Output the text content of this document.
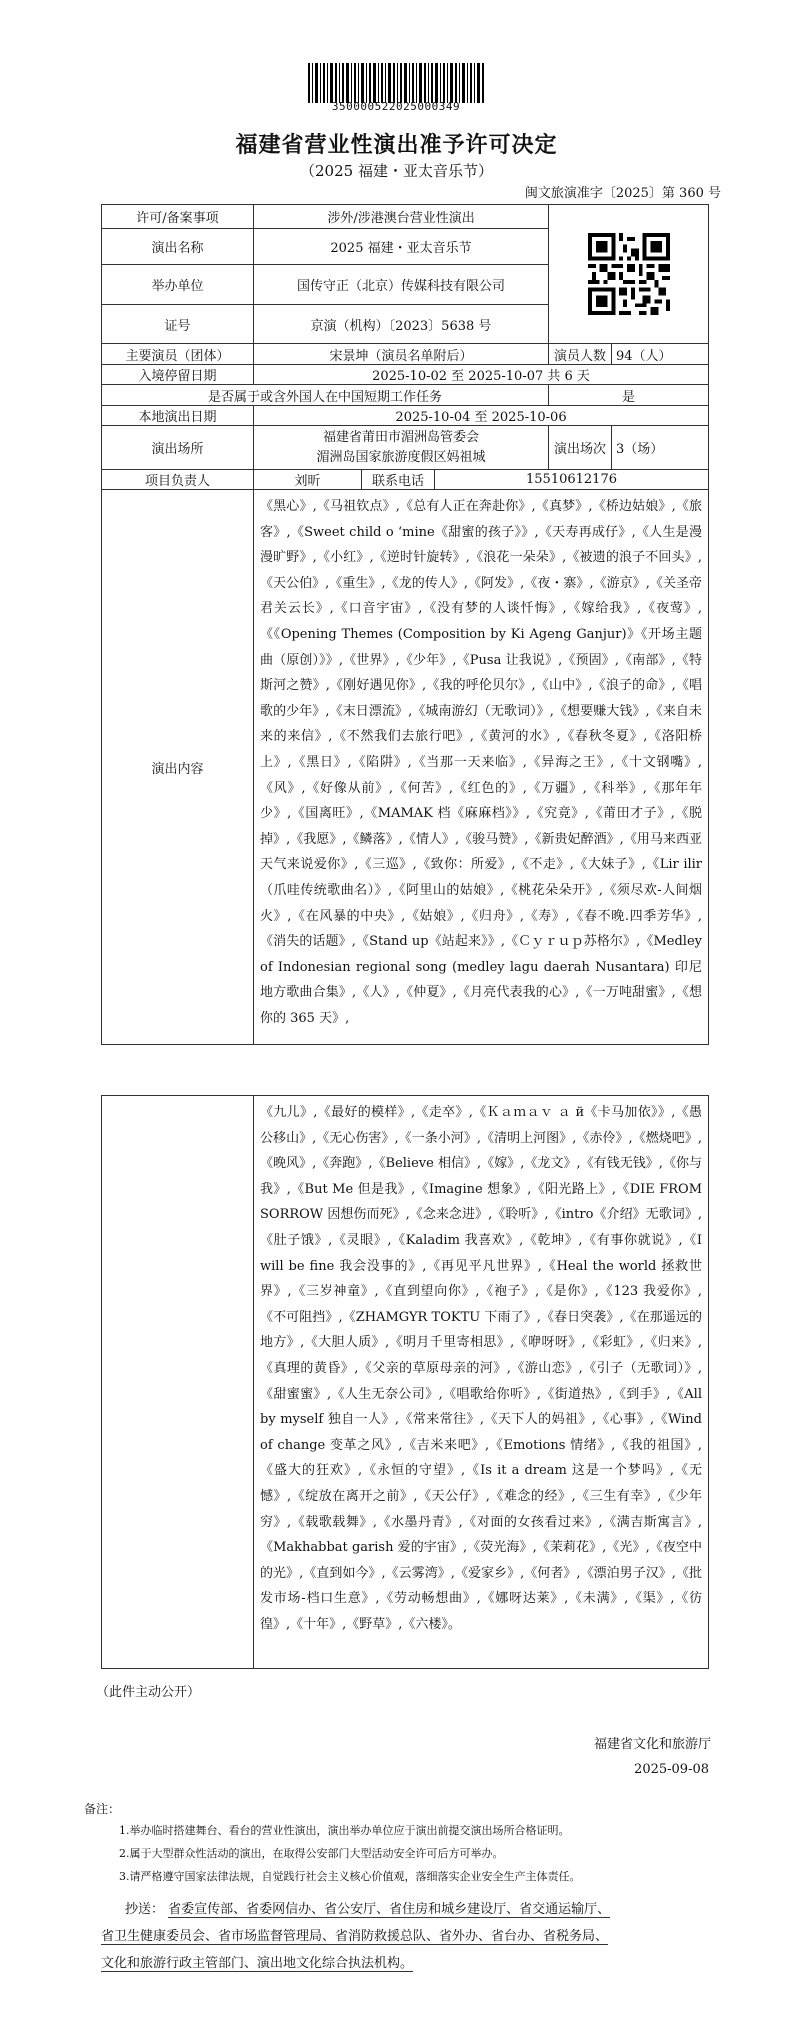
35000052202500034​9
福建省营业性演出准予许可决定
（2025 福建・亚太音乐节）
闽文旅演准字〔2025〕第 360 号
许可/备案事项	涉外/涉港澳台营业性演出	

演出名称	2025 福建・亚太音乐节				
举办单位	国传守正（北京）传媒科技有限公司				
证号	京演（机构）〔2023〕5638 号				
主要演员（团体）	宋景坤（演员名单附后）			演员人数	94（人）
入境停留日期	2025-10-02 至 2025-10-07 共 6 天				
是否属于或含外国人在中国短期工作任务				是	
本地演出日期	2025-10-04 至 2025-10-06				
演出场所	福建省莆田市湄洲岛管委会
湄洲岛国家旅游度假区妈祖城			演出场次	3（场）
项目负责人	刘昕	联系电话	15510612176		
演出内容	《黑心》,《马祖钦点》,《总有人正在奔赴你》,《真梦》,《桥边姑娘》,《旅客》,《Sweet child o ‘mine《甜蜜的孩子》》,《天寿再成仔》,《人生是漫漫旷野》,《小红》,《逆时针旋转》,《浪花一朵朵》,《被遗的浪子不回头》,《天公伯》,《重生》,《龙的传人》,《阿发》,《夜・寨》,《游京》,《关圣帝君关云长》,《口音宇宙》,《没有梦的人谈忏悔》,《嫁给我》,《夜莺》,《《Opening Themes (Composition by Ki Ageng Ganjur)》《开场主题曲（原创）》》,《世界》,《少年》,《Pusa 让我说》,《预固》,《南部》,《特斯河之赞》,《刚好遇见你》,《我的呼伦贝尔》,《山中》,《浪子的命》,《唱歌的少年》,《末日漂流》,《城南游幻（无歌词）》,《想要赚大钱》,《来自未来的来信》,《不然我们去旅行吧》,《黄河的水》,《春秋冬夏》,《洛阳桥上》,《黑日》,《陷阱》,《当那一天来临》,《异海之王》,《十文钢嘴》,《风》,《好像从前》,《何苦》,《红色的》,《万疆》,《科举》,《那年年少》,《国离旺》,《MAMAK 档《麻麻档》》,《究竟》,《莆田才子》,《脱掉》,《我愿》,《鳞落》,《情人》,《骏马赞》,《新贵妃醉酒》,《用马来西亚天气来说爱你》,《三巡》,《致你：所爱》,《不走》,《大妹子》,《Lir ilir（爪哇传统歌曲名）》,《阿里山的姑娘》,《桃花朵朵开》,《须尽欢-人间烟火》,《在风暴的中央》,《姑娘》,《归舟》,《寿》,《春不晚.四季芳华》,《消失的话题》,《Stand up《站起来》》,《Ｃｙｒｕｐ苏格尔》,《Medley of Indonesian regional song (medley lagu daerah Nusantara) 印尼地方歌曲合集》,《人》,《仲夏》,《月亮代表我的心》,《一万吨甜蜜》,《想你的 365 天》,				
	《九儿》,《最好的模样》,《走卒》,《Ｋａｍａｖ ａ й《卡马加依》》,《愚公移山》,《无心伤害》,《一条小河》,《清明上河图》,《赤伶》,《燃烧吧》,《晚风》,《奔跑》,《Believe 相信》,《嫁》,《龙文》,《有钱无钱》,《你与我》,《But Me 但是我》,《Imagine 想象》,《阳光路上》,《DIE FROM SORROW 因想伤而死》,《念来念进》,《聆听》,《intro《介绍》无歌词》,《肚子饿》,《灵眼》,《Kaladim 我喜欢》,《乾坤》,《有事你就说》,《I will be fine 我会没事的》,《再见平凡世界》,《Heal the world 拯救世界》,《三岁神童》,《直到望向你》,《袍子》,《是你》,《123 我爱你》,《不可阻挡》,《ZHAMGYR TOKTU 下雨了》,《春日突袭》,《在那遥远的地方》,《大胆人质》,《明月千里寄相思》,《咿呀呀》,《彩虹》,《归来》,《真理的黄昏》,《父亲的草原母亲的河》,《游山恋》,《引子（无歌词）》,《甜蜜蜜》,《人生无奈公司》,《唱歌给你听》,《街道热》,《到手》,《All by myself 独自一人》,《常来常往》,《天下人的妈祖》,《心事》,《Wind of change 变革之风》,《吉米来吧》,《Emotions 情绪》,《我的祖国》,《盛大的狂欢》,《永恒的守望》,《Is it a dream 这是一个梦吗》,《无憾》,《绽放在离开之前》,《天公仔》,《难念的经》,《三生有幸》,《少年穷》,《载歌载舞》,《水墨丹青》,《对面的女孩看过来》,《满吉斯寓言》,《Makhabbat garish 爱的宇宙》,《荧光海》,《茉莉花》,《光》,《夜空中的光》,《直到如今》,《云雾湾》,《爱家乡》,《何者》,《漂泊男子汉》,《批发市场-档口生意》,《劳动畅想曲》,《娜呀达莱》,《未满》,《渠》,《彷徨》,《十年》,《野草》,《六楼》。
（此件主动公开）
福建省文化和旅游厅
2025-09-08
备注：
1.举办临时搭建舞台、看台的营业性演出，演出举办单位应于演出前提交演出场所合格证明。
2.属于大型群众性活动的演出，在取得公安部门大型活动安全许可后方可举办。
3.请严格遵守国家法律法规，自觉践行社会主义核心价值观，落细落实企业安全生产主体责任。
抄送： 省委宣传部、省委网信办、省公安厅、省住房和城乡建设厅、省交通运输厅、
省卫生健康委员会、省市场监督管理局、省消防救援总队、省外办、省台办、省税务局、
文化和旅游行政主管部门、演出地文化综合执法机构。
